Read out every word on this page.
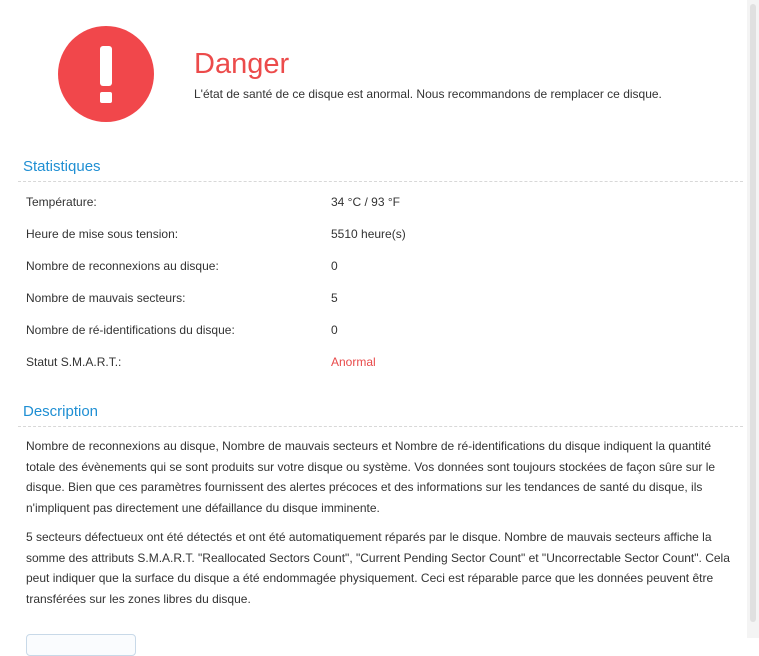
Danger
L'état de santé de ce disque est anormal. Nous recommandons de remplacer ce disque.
Statistiques
Température:	34 °C / 93 °F
Heure de mise sous tension:	5510 heure(s)
Nombre de reconnexions au disque:	0
Nombre de mauvais secteurs:	5
Nombre de ré-identifications du disque:	0
Statut S.M.A.R.T.:	Anormal
Description
Nombre de reconnexions au disque, Nombre de mauvais secteurs et Nombre de ré-identifications du disque indiquent la quantité totale des évènements qui se sont produits sur votre disque ou système. Vos données sont toujours stockées de façon sûre sur le disque. Bien que ces paramètres fournissent des alertes précoces et des informations sur les tendances de santé du disque, ils n'impliquent pas directement une défaillance du disque imminente.
5 secteurs défectueux ont été détectés et ont été automatiquement réparés par le disque. Nombre de mauvais secteurs affiche la somme des attributs S.M.A.R.T. "Reallocated Sectors Count", "Current Pending Sector Count" et "Uncorrectable Sector Count". Cela peut indiquer que la surface du disque a été endommagée physiquement. Ceci est réparable parce que les données peuvent être transférées sur les zones libres du disque.
